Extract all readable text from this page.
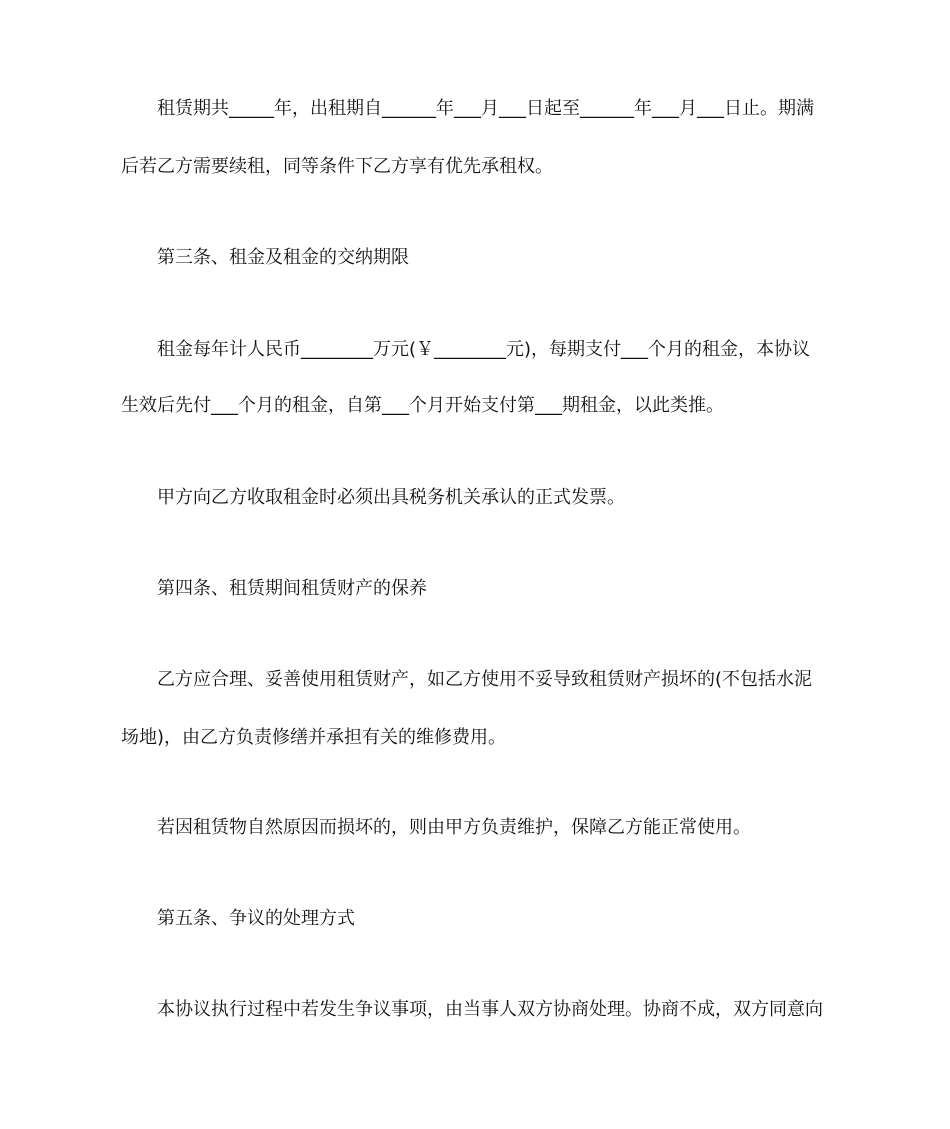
租赁期共_____年，出租期自______年___月___日起至______年___月___日止。期满
后若乙方需要续租，同等条件下乙方享有优先承租权。
第三条、租金及租金的交纳期限
租金每年计人民币________万元(￥________元)，每期支付___个月的租金，本协议
生效后先付___个月的租金，自第___个月开始支付第___期租金，以此类推。
甲方向乙方收取租金时必须出具税务机关承认的正式发票。
第四条、租赁期间租赁财产的保养
乙方应合理、妥善使用租赁财产，如乙方使用不妥导致租赁财产损坏的(不包括水泥
场地)，由乙方负责修缮并承担有关的维修费用。
若因租赁物自然原因而损坏的，则由甲方负责维护，保障乙方能正常使用。
第五条、争议的处理方式
本协议执行过程中若发生争议事项，由当事人双方协商处理。协商不成，双方同意向
